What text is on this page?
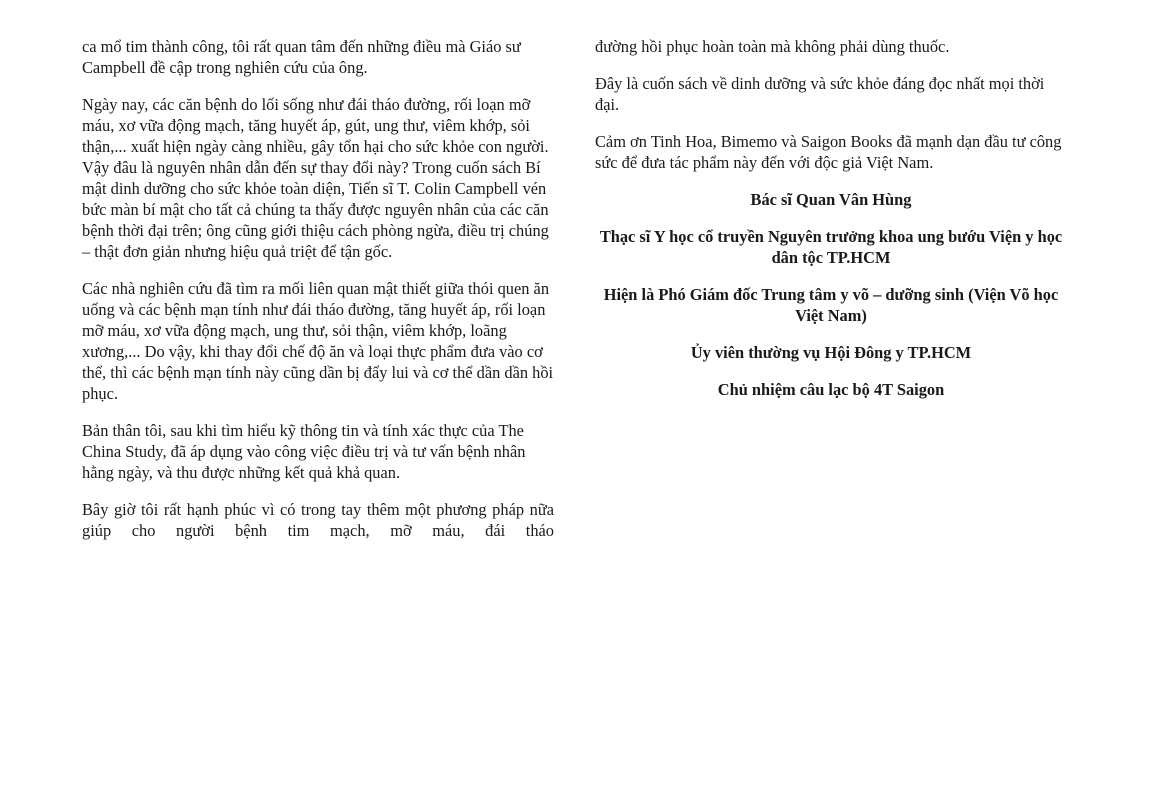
ca mổ tim thành công, tôi rất quan tâm đến những điều mà Giáo sư Campbell đề cập trong nghiên cứu của ông.

Ngày nay, các căn bệnh do lối sống như đái tháo đường, rối loạn mỡ máu, xơ vữa động mạch, tăng huyết áp, gút, ung thư, viêm khớp, sỏi thận,... xuất hiện ngày càng nhiều, gây tổn hại cho sức khỏe con người. Vậy đâu là nguyên nhân dẫn đến sự thay đổi này? Trong cuốn sách Bí mật dinh dưỡng cho sức khỏe toàn diện, Tiến sĩ T. Colin Campbell vén bức màn bí mật cho tất cả chúng ta thấy được nguyên nhân của các căn bệnh thời đại trên; ông cũng giới thiệu cách phòng ngừa, điều trị chúng – thật đơn giản nhưng hiệu quả triệt để tận gốc.

Các nhà nghiên cứu đã tìm ra mối liên quan mật thiết giữa thói quen ăn uống và các bệnh mạn tính như đái tháo đường, tăng huyết áp, rối loạn mỡ máu, xơ vữa động mạch, ung thư, sỏi thận, viêm khớp, loãng xương,... Do vậy, khi thay đổi chế độ ăn và loại thực phẩm đưa vào cơ thể, thì các bệnh mạn tính này cũng dần bị đẩy lui và cơ thể dần dần hồi phục.

Bản thân tôi, sau khi tìm hiểu kỹ thông tin và tính xác thực của The China Study, đã áp dụng vào công việc điều trị và tư vấn bệnh nhân hằng ngày, và thu được những kết quả khả quan.

Bây giờ tôi rất hạnh phúc vì có trong tay thêm một phương pháp nữa giúp cho người bệnh tim mạch, mỡ máu, đái tháo

đường hồi phục hoàn toàn mà không phải dùng thuốc.

Đây là cuốn sách về dinh dưỡng và sức khỏe đáng đọc nhất mọi thời đại.

Cảm ơn Tinh Hoa, Bimemo và Saigon Books đã mạnh dạn đầu tư công sức để đưa tác phẩm này đến với độc giả Việt Nam.

Bác sĩ Quan Vân Hùng

Thạc sĩ Y học cổ truyền Nguyên trưởng khoa ung bướu Viện y học dân tộc TP.HCM

Hiện là Phó Giám đốc Trung tâm y võ – dưỡng sinh (Viện Võ học Việt Nam)

Ủy viên thường vụ Hội Đông y TP.HCM

Chủ nhiệm câu lạc bộ 4T Saigon
